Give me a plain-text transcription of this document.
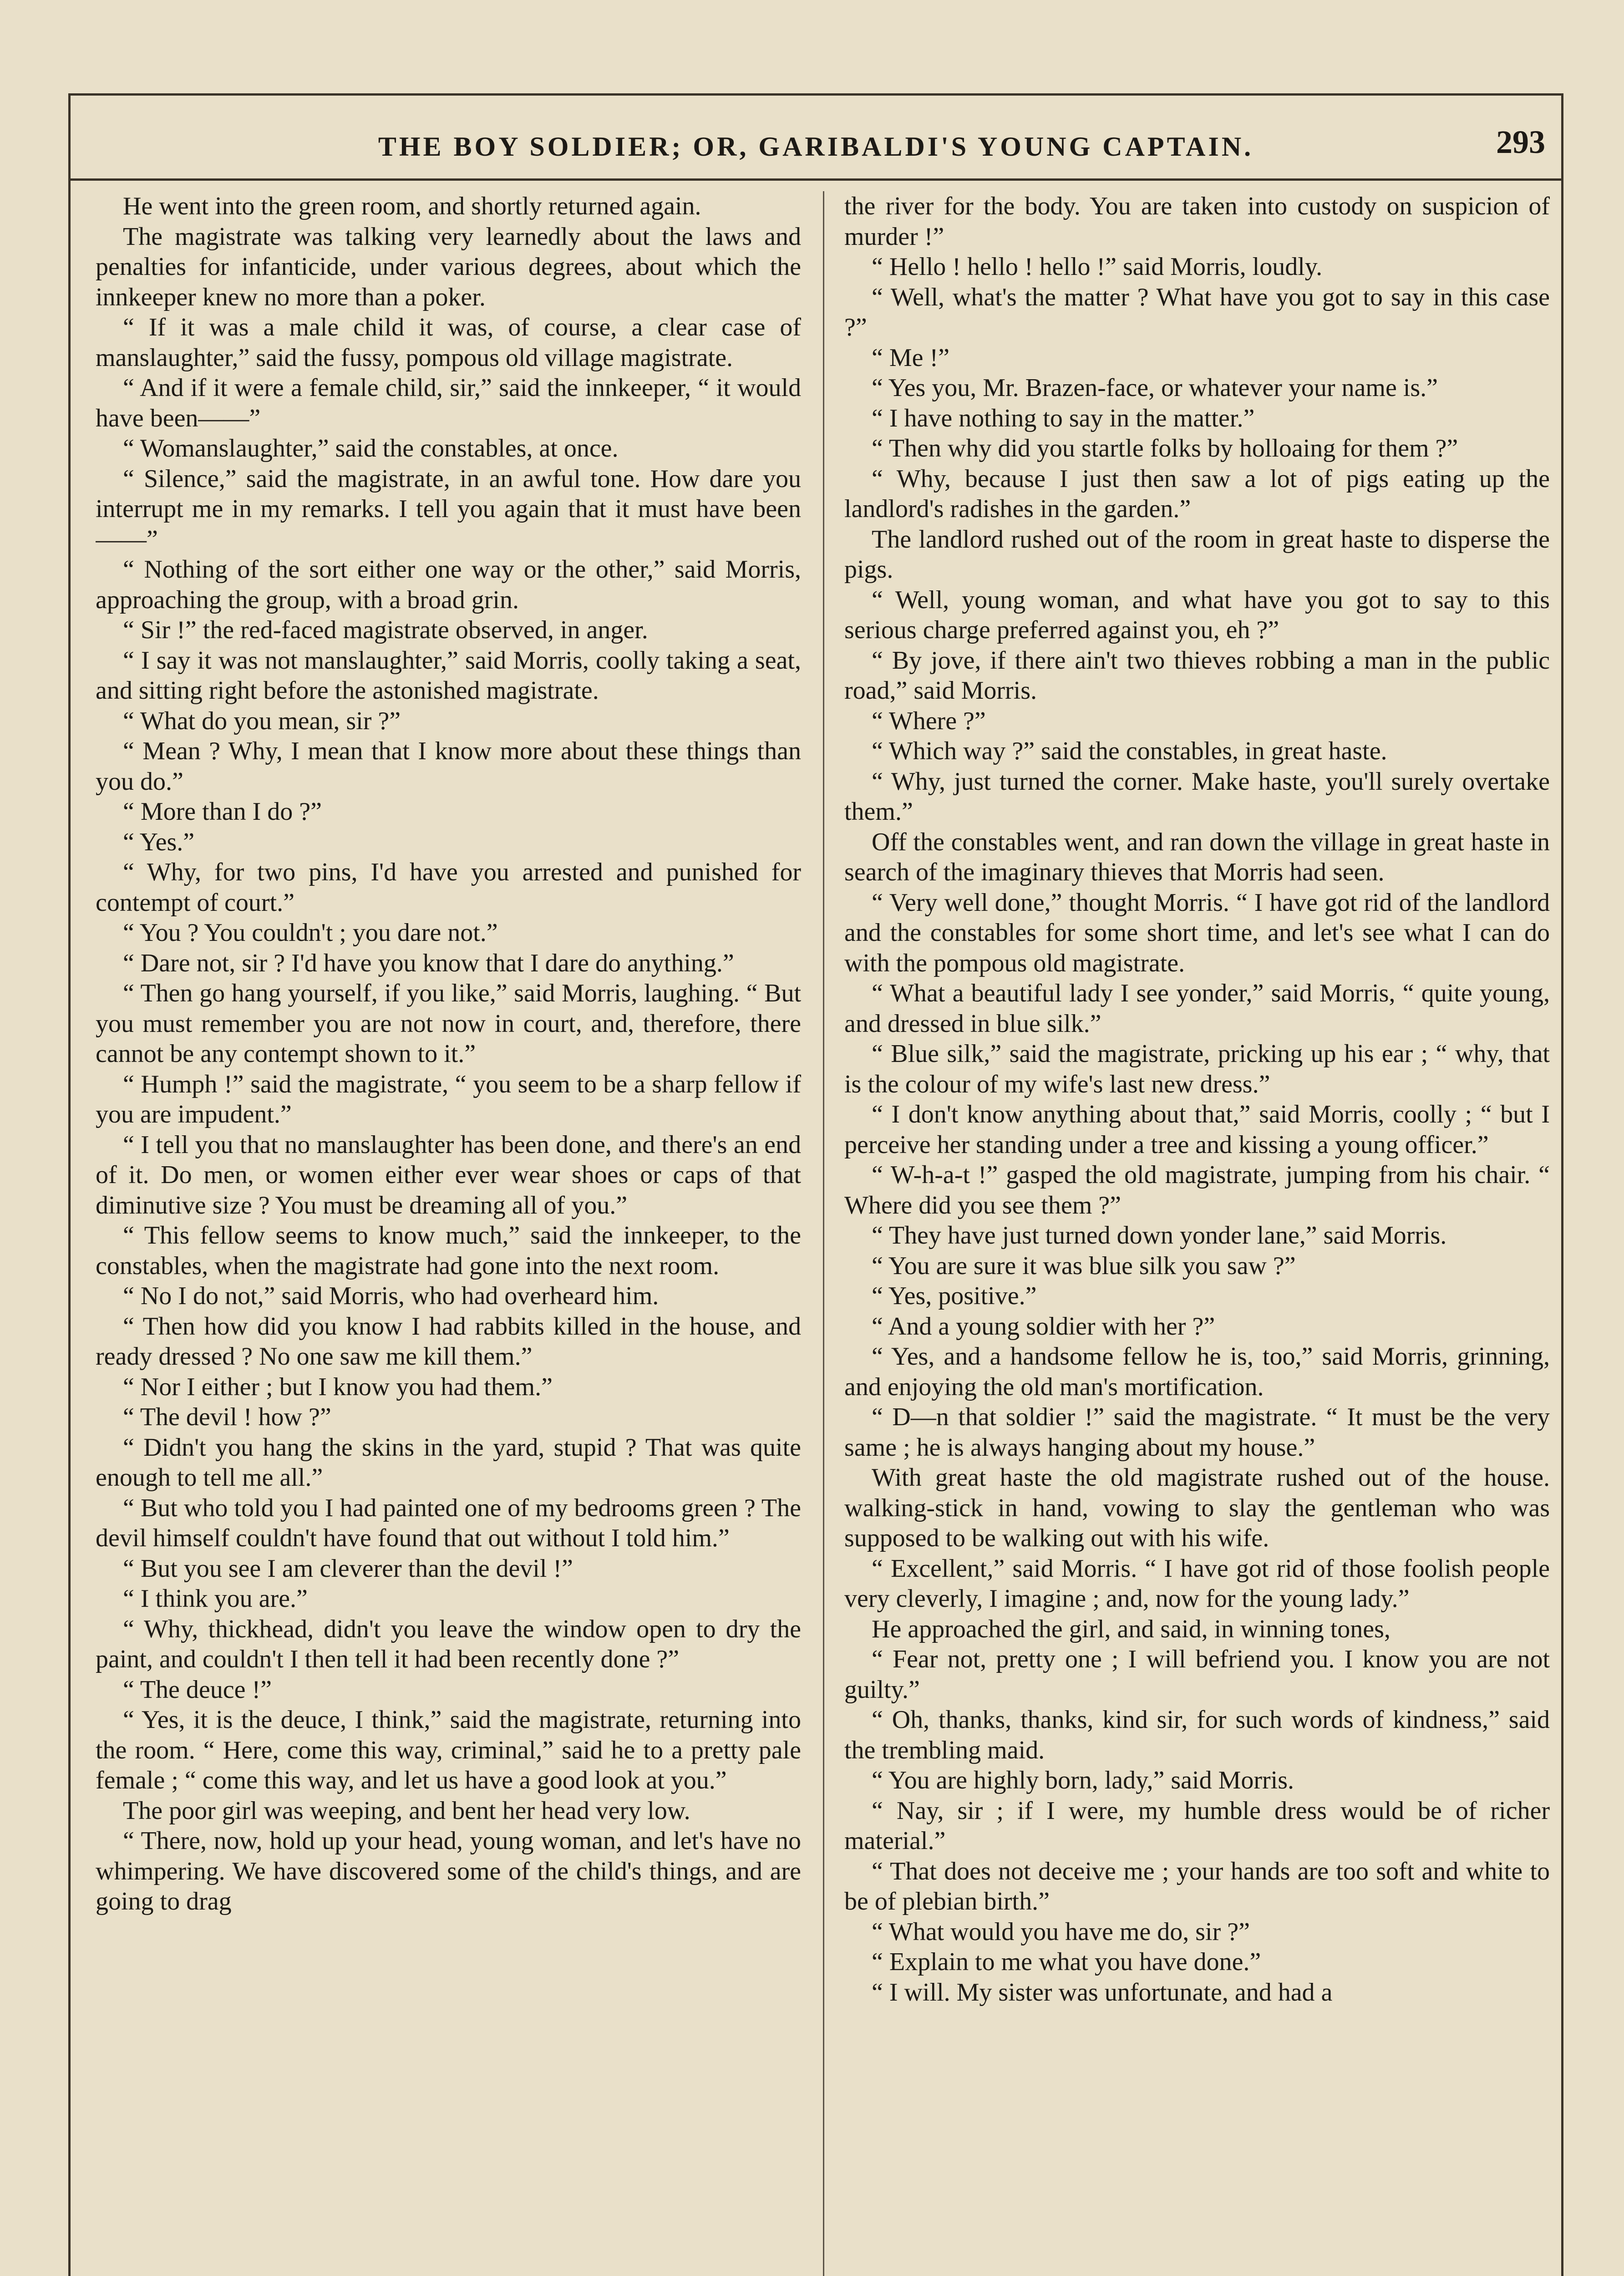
THE BOY SOLDIER; OR, GARIBALDI'S YOUNG CAPTAIN.	293

He went into the green room, and shortly returned again.

The magistrate was talking very learnedly about the laws and penalties for infanticide, under various degrees, about which the innkeeper knew no more than a poker.

“ If it was a male child it was, of course, a clear case of manslaughter,” said the fussy, pompous old village magistrate.

“ And if it were a female child, sir,” said the innkeeper, “ it would have been——”

“ Womanslaughter,” said the constables, at once.

“ Silence,” said the magistrate, in an awful tone. How dare you interrupt me in my remarks. I tell you again that it must have been——”

“ Nothing of the sort either one way or the other,” said Morris, approaching the group, with a broad grin.

“ Sir !” the red-faced magistrate observed, in anger.

“ I say it was not manslaughter,” said Morris, coolly taking a seat, and sitting right before the astonished magistrate.

“ What do you mean, sir ?”

“ Mean ? Why, I mean that I know more about these things than you do.”

“ More than I do ?”

“ Yes.”

“ Why, for two pins, I'd have you arrested and punished for contempt of court.”

“ You ? You couldn't ; you dare not.”

“ Dare not, sir ? I'd have you know that I dare do anything.”

“ Then go hang yourself, if you like,” said Morris, laughing. “ But you must remember you are not now in court, and, therefore, there cannot be any contempt shown to it.”

“ Humph !” said the magistrate, “ you seem to be a sharp fellow if you are impudent.”

“ I tell you that no manslaughter has been done, and there's an end of it. Do men, or women either ever wear shoes or caps of that diminutive size ? You must be dreaming all of you.”

“ This fellow seems to know much,” said the innkeeper, to the constables, when the magistrate had gone into the next room.

“ No I do not,” said Morris, who had overheard him.

“ Then how did you know I had rabbits killed in the house, and ready dressed ? No one saw me kill them.”

“ Nor I either ; but I know you had them.”

“ The devil ! how ?”

“ Didn't you hang the skins in the yard, stupid ? That was quite enough to tell me all.”

“ But who told you I had painted one of my bedrooms green ? The devil himself couldn't have found that out without I told him.”

“ But you see I am cleverer than the devil !”

“ I think you are.”

“ Why, thickhead, didn't you leave the window open to dry the paint, and couldn't I then tell it had been recently done ?”

“ The deuce !”

“ Yes, it is the deuce, I think,” said the magistrate, returning into the room. “ Here, come this way, criminal,” said he to a pretty pale female ; “ come this way, and let us have a good look at you.”

The poor girl was weeping, and bent her head very low.

“ There, now, hold up your head, young woman, and let's have no whimpering. We have discovered some of the child's things, and are going to drag

the river for the body. You are taken into custody on suspicion of murder !”

“ Hello ! hello ! hello !” said Morris, loudly.

“ Well, what's the matter ? What have you got to say in this case ?”

“ Me !”

“ Yes you, Mr. Brazen-face, or whatever your name is.”

“ I have nothing to say in the matter.”

“ Then why did you startle folks by holloaing for them ?”

“ Why, because I just then saw a lot of pigs eating up the landlord's radishes in the garden.”

The landlord rushed out of the room in great haste to disperse the pigs.

“ Well, young woman, and what have you got to say to this serious charge preferred against you, eh ?”

“ By jove, if there ain't two thieves robbing a man in the public road,” said Morris.

“ Where ?”

“ Which way ?” said the constables, in great haste.

“ Why, just turned the corner. Make haste, you'll surely overtake them.”

Off the constables went, and ran down the village in great haste in search of the imaginary thieves that Morris had seen.

“ Very well done,” thought Morris. “ I have got rid of the landlord and the constables for some short time, and let's see what I can do with the pompous old magistrate.

“ What a beautiful lady I see yonder,” said Morris, “ quite young, and dressed in blue silk.”

“ Blue silk,” said the magistrate, pricking up his ear ; “ why, that is the colour of my wife's last new dress.”

“ I don't know anything about that,” said Morris, coolly ; “ but I perceive her standing under a tree and kissing a young officer.”

“ W-h-a-t !” gasped the old magistrate, jumping from his chair. “ Where did you see them ?”

“ They have just turned down yonder lane,” said Morris.

“ You are sure it was blue silk you saw ?”

“ Yes, positive.”

“ And a young soldier with her ?”

“ Yes, and a handsome fellow he is, too,” said Morris, grinning, and enjoying the old man's mortification.

“ D—n that soldier !” said the magistrate. “ It must be the very same ; he is always hanging about my house.”

With great haste the old magistrate rushed out of the house. walking-stick in hand, vowing to slay the gentleman who was supposed to be walking out with his wife.

“ Excellent,” said Morris. “ I have got rid of those foolish people very cleverly, I imagine ; and, now for the young lady.”

He approached the girl, and said, in winning tones,

“ Fear not, pretty one ; I will befriend you. I know you are not guilty.”

“ Oh, thanks, thanks, kind sir, for such words of kindness,” said the trembling maid.

“ You are highly born, lady,” said Morris.

“ Nay, sir ; if I were, my humble dress would be of richer material.”

“ That does not deceive me ; your hands are too soft and white to be of plebian birth.”

“ What would you have me do, sir ?”

“ Explain to me what you have done.”

“ I will. My sister was unfortunate, and had a
